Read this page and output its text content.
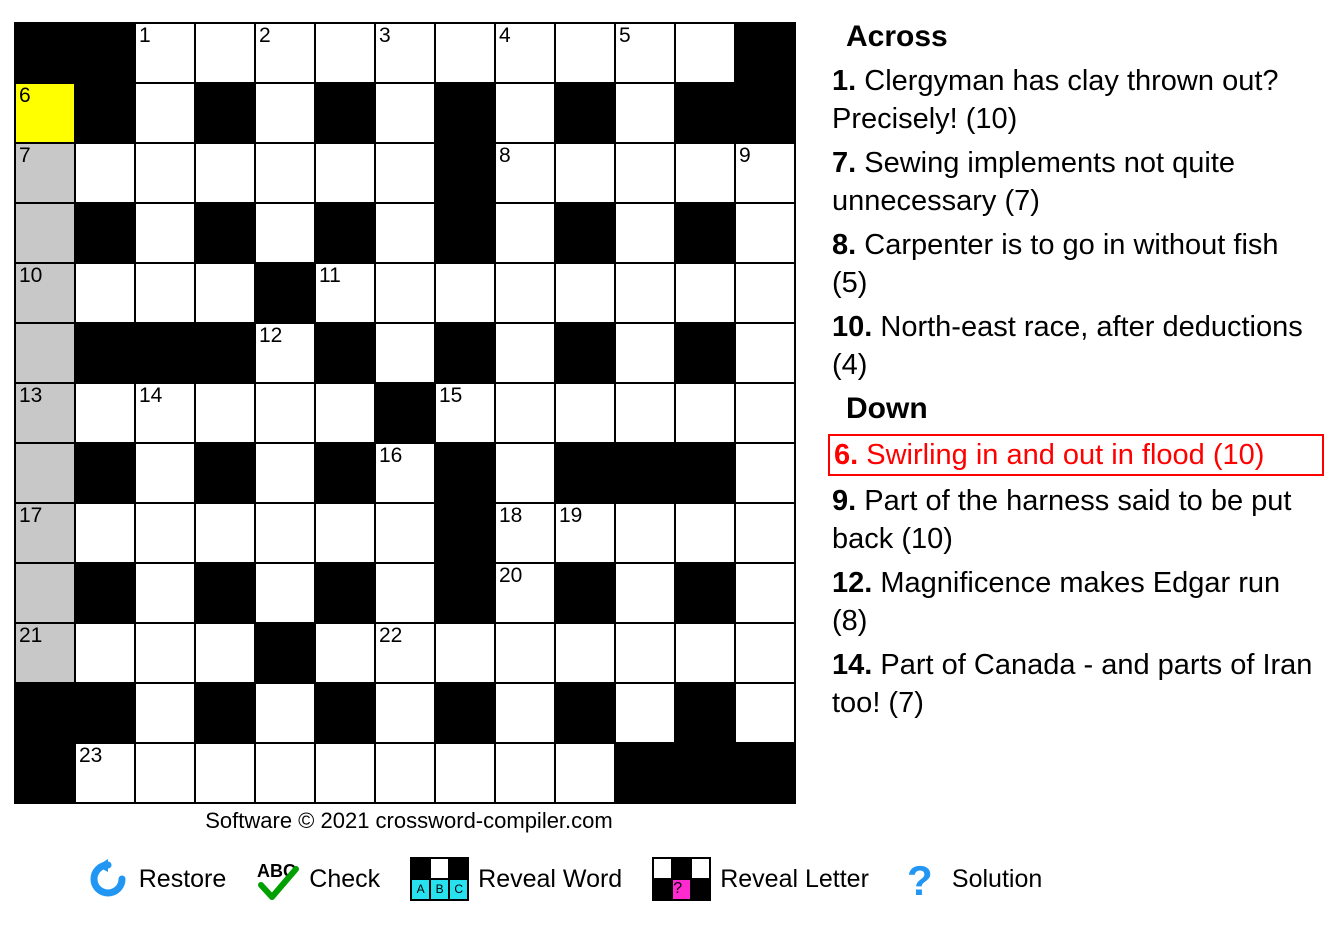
		1		2		3		4		5		

6												

7								8				9

10					11							

				12								

13		14					15					

						16						

17								18	19			

								20				

21						22						

	23											

Software © 2021 crossword-compiler.com
Restore ABC Check	A B C Reveal Word	?	Reveal Letter ? Solution
Across
1. Clergyman has clay thrown out? Precisely! (10)
7. Sewing implements not quite unnecessary (7)
8. Carpenter is to go in without fish (5)
10. North-east race, after deductions (4)
Down
6. Swirling in and out in flood (10)
9. Part of the harness said to be put back (10)
12. Magnificence makes Edgar run (8)
14. Part of Canada - and parts of Iran too! (7)
